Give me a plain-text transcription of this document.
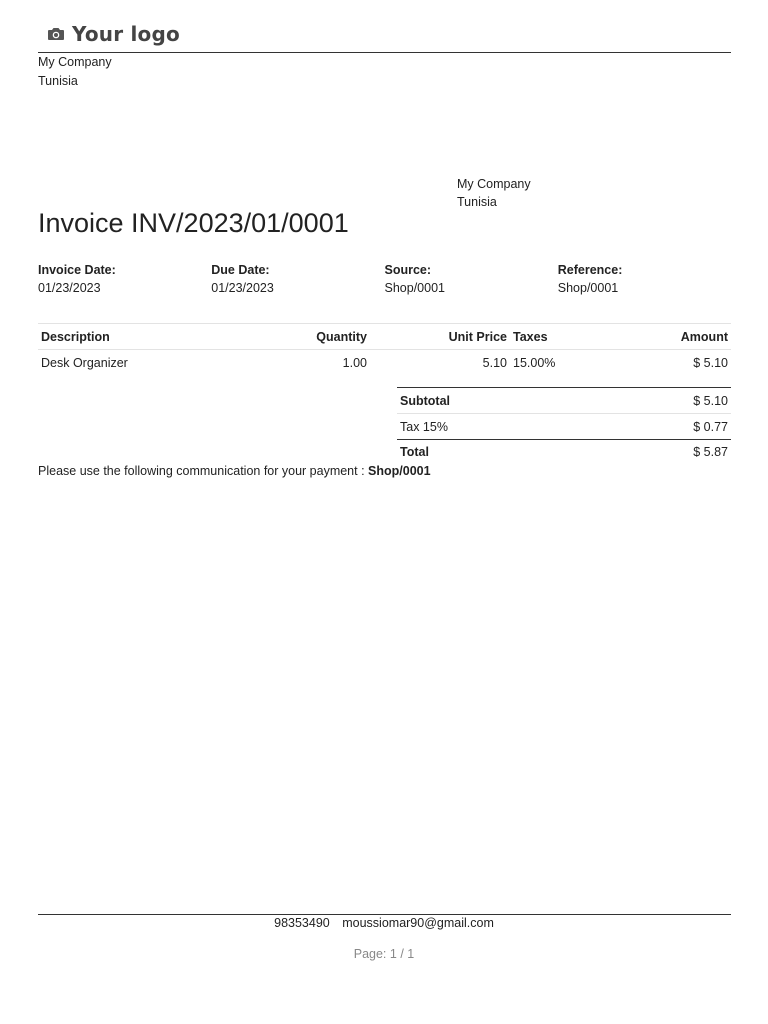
Your logo
My Company
Tunisia
My Company
Tunisia
Invoice INV/2023/01/0001
Invoice Date:
01/23/2023
Due Date:
01/23/2023
Source:
Shop/0001
Reference:
Shop/0001
Description	Quantity	Unit Price	Taxes	Amount
Desk Organizer	1.00	5.10	15.00%	$ 5.10
Subtotal	$ 5.10
Tax 15%	$ 0.77
Total	$ 5.87

Please use the following communication for your payment : Shop/0001

98353490 moussiomar90@gmail.com
Page: 1 / 1
